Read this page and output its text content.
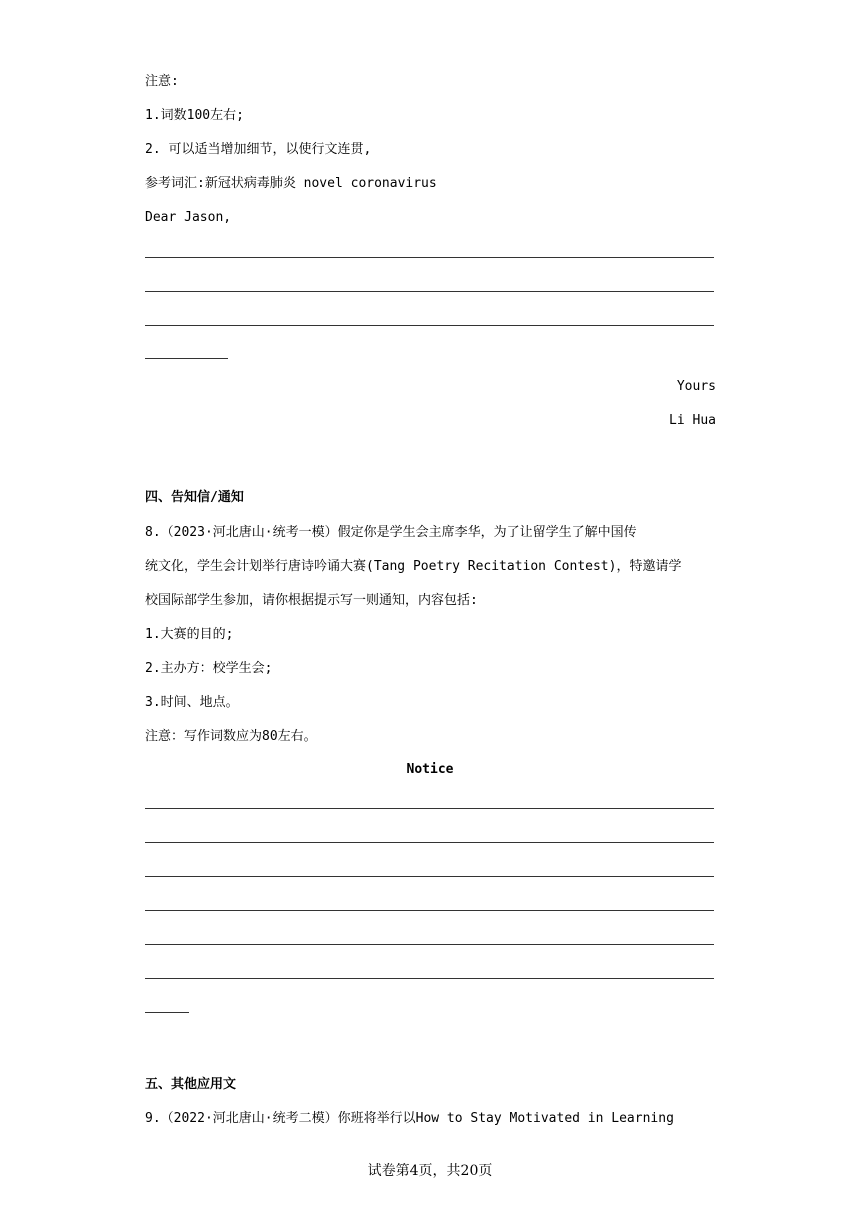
注意:
1.词数100左右;
2. 可以适当增加细节，以使行文连贯,
参考词汇:新冠状病毒肺炎 novel coronavirus
Dear Jason,
Yours
Li Hua
四、告知信/通知
8.（2023·河北唐山·统考一模）假定你是学生会主席李华，为了让留学生了解中国传
统文化，学生会计划举行唐诗吟诵大赛(Tang Poetry Recitation Contest)，特邀请学
校国际部学生参加，请你根据提示写一则通知，内容包括:
1.大赛的目的;
2.主办方：校学生会;
3.时间、地点。
注意：写作词数应为80左右。
Notice
五、其他应用文
9.（2022·河北唐山·统考二模）你班将举行以How to Stay Motivated in Learning
试卷第4页，共20页
